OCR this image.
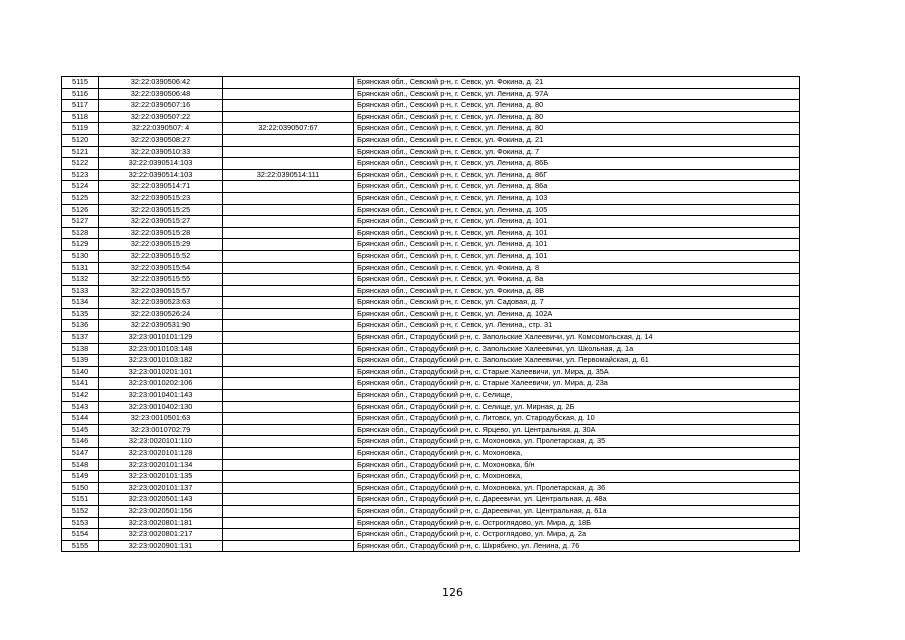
5115	32:22:0390506:42		Брянская обл., Севский р-н, г. Севск, ул. Фокина, д. 21
5116	32:22:0390506:48		Брянская обл., Севский р-н, г. Севск, ул. Ленина, д. 97А
5117	32:22:0390507:16		Брянская обл., Севский р-н, г. Севск, ул. Ленина, д. 80
5118	32:22:0390507:22		Брянская обл., Севский р-н, г. Севск, ул. Ленина, д. 80
5119	32:22:0390507: 4	32:22:0390507:67	Брянская обл., Севский р-н, г. Севск, ул. Ленина, д. 80
5120	32:22:0390508:27		Брянская обл., Севский р-н, г. Севск, ул. Фокина, д. 21
5121	32:22:0390510:33		Брянская обл., Севский р-н, г. Севск, ул. Фокина, д. 7
5122	32:22:0390514:103		Брянская обл., Севский р-н, г. Севск, ул. Ленина, д. 86Б
5123	32:22:0390514:103	32:22:0390514:111	Брянская обл., Севский р-н, г. Севск, ул. Ленина, д. 86Г
5124	32:22:0390514:71		Брянская обл., Севский р-н, г. Севск, ул. Ленина, д. 86а
5125	32:22:0390515:23		Брянская обл., Севский р-н, г. Севск, ул. Ленина, д. 103
5126	32:22:0390515:25		Брянская обл., Севский р-н, г. Севск, ул. Ленина, д. 105
5127	32:22:0390515:27		Брянская обл., Севский р-н, г. Севск, ул. Ленина, д. 101
5128	32:22:0390515:28		Брянская обл., Севский р-н, г. Севск, ул. Ленина, д. 101
5129	32:22:0390515:29		Брянская обл., Севский р-н, г. Севск, ул. Ленина, д. 101
5130	32:22:0390515:52		Брянская обл., Севский р-н, г. Севск, ул. Ленина, д. 101
5131	32:22:0390515:54		Брянская обл., Севский р-н, г. Севск, ул. Фокина, д. 8
5132	32:22:0390515:55		Брянская обл., Севский р-н, г. Севск, ул. Фокина, д. 8а
5133	32:22:0390515:57		Брянская обл., Севский р-н, г. Севск, ул. Фокина, д. 8В
5134	32:22:0390523:63		Брянская обл., Севский р-н, г. Севск, ул. Садовая, д. 7
5135	32:22:0390526:24		Брянская обл., Севский р-н, г. Севск, ул. Ленина, д. 102А
5136	32:22:0390531:90		Брянская обл., Севский р-н, г. Севск, ул. Ленина,, стр. 31
5137	32:23:0010101:129		Брянская обл., Стародубский р-н, с. Запольские Халеевичи, ул. Комсомольская, д. 14
5138	32:23:0010103:148		Брянская обл., Стародубский р-н, с. Запольские Халеевичи, ул. Школьная, д. 1а
5139	32:23:0010103:182		Брянская обл., Стародубский р-н, с. Запольские Халеевичи, ул. Первомайская, д. 61
5140	32:23:0010201:101		Брянская обл., Стародубский р-н, с. Старые Халеевичи, ул. Мира, д. 35А
5141	32:23:0010202:106		Брянская обл., Стародубский р-н, с. Старые Халеевичи, ул. Мира, д. 23а
5142	32:23:0010401:143		Брянская обл., Стародубский р-н, с. Селище,
5143	32:23:0010402:130		Брянская обл., Стародубский р-н, с. Селище, ул. Мирная, д. 2Б
5144	32:23:0010501:63		Брянская обл., Стародубский р-н, с. Литовск, ул. Стародубская, д. 10
5145	32:23:0010702:79		Брянская обл., Стародубский р-н, с. Ярцево, ул. Центральная, д. 30А
5146	32:23:0020101:110		Брянская обл., Стародубский р-н, с. Мохоновка, ул. Пролетарская, д. 35
5147	32:23:0020101:128		Брянская обл., Стародубский р-н, с. Мохоновка,
5148	32:23:0020101:134		Брянская обл., Стародубский р-н, с. Мохоновка, б/н
5149	32:23:0020101:135		Брянская обл., Стародубский р-н, с. Мохоновка,
5150	32:23:0020101:137		Брянская обл., Стародубский р-н, с. Мохоновка, ул. Пролетарская, д. 36
5151	32:23:0020501:143		Брянская обл., Стародубский р-н, с. Дареевичи, ул. Центральная, д. 48а
5152	32:23:0020501:156		Брянская обл., Стародубский р-н, с. Дареевичи, ул. Центральная, д. 61а
5153	32:23:0020801:181		Брянская обл., Стародубский р-н, с. Остроглядово, ул. Мира, д. 18Б
5154	32:23:0020801:217		Брянская обл., Стародубский р-н, с. Остроглядово, ул. Мира, д. 2а
5155	32:23:0020901:131		Брянская обл., Стародубский р-н, с. Шкрябино, ул. Ленина, д. 76
126
